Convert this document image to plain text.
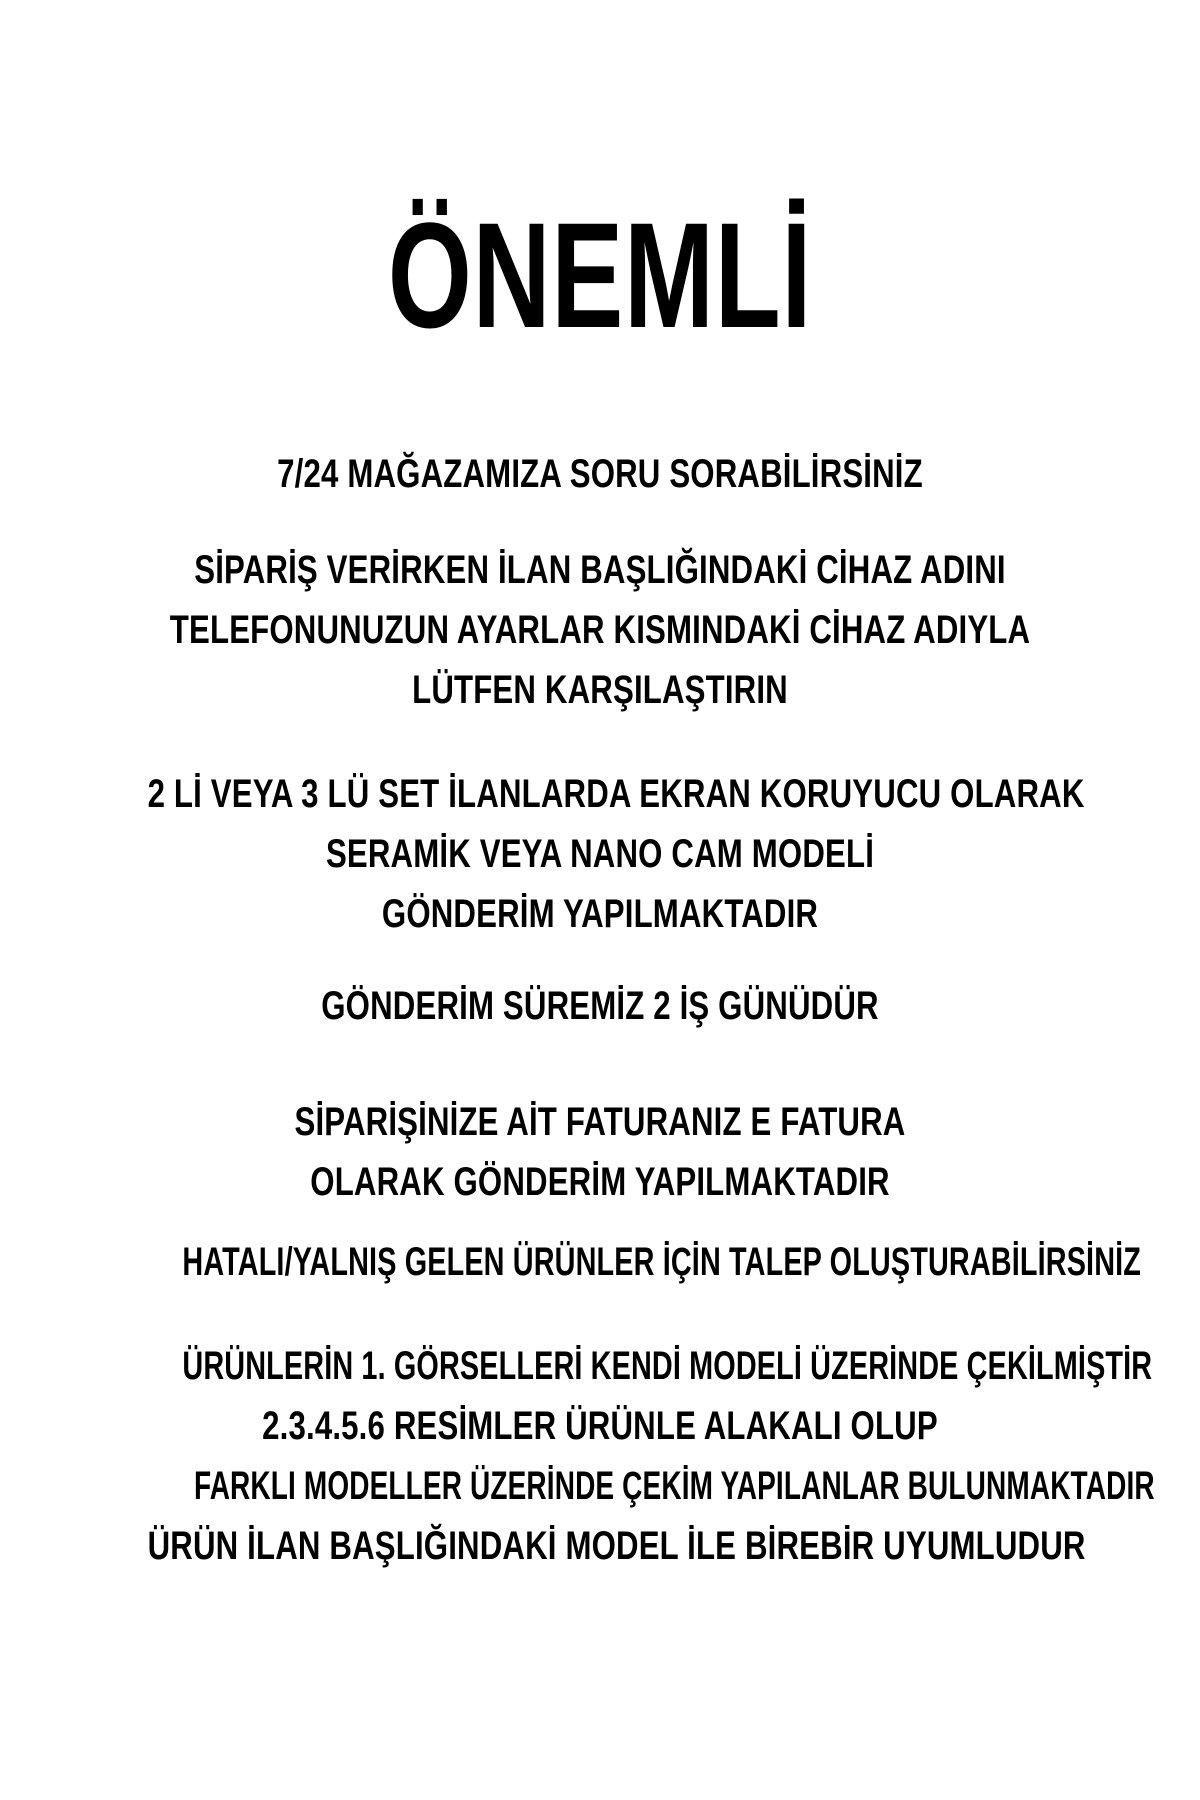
ÖNEMLİ
7/24 MAĞAZAMIZA SORU SORABİLİRSİNİZ
SİPARİŞ VERİRKEN İLAN BAŞLIĞINDAKİ CİHAZ ADINI
TELEFONUNUZUN AYARLAR KISMINDAKİ CİHAZ ADIYLA
LÜTFEN KARŞILAŞTIRIN
2 Lİ VEYA 3 LÜ SET İLANLARDA EKRAN KORUYUCU OLARAK
SERAMİK VEYA NANO CAM MODELİ
GÖNDERİM YAPILMAKTADIR
GÖNDERİM SÜREMİZ 2 İŞ GÜNÜDÜR
SİPARİŞİNİZE AİT FATURANIZ E FATURA
OLARAK GÖNDERİM YAPILMAKTADIR
HATALI/YALNIŞ GELEN ÜRÜNLER İÇİN TALEP OLUŞTURABİLİRSİNİZ
ÜRÜNLERİN 1. GÖRSELLERİ KENDİ MODELİ ÜZERİNDE ÇEKİLMİŞTİR
2.3.4.5.6 RESİMLER ÜRÜNLE ALAKALI OLUP
FARKLI MODELLER ÜZERİNDE ÇEKİM YAPILANLAR BULUNMAKTADIR
ÜRÜN İLAN BAŞLIĞINDAKİ MODEL İLE BİREBİR UYUMLUDUR
